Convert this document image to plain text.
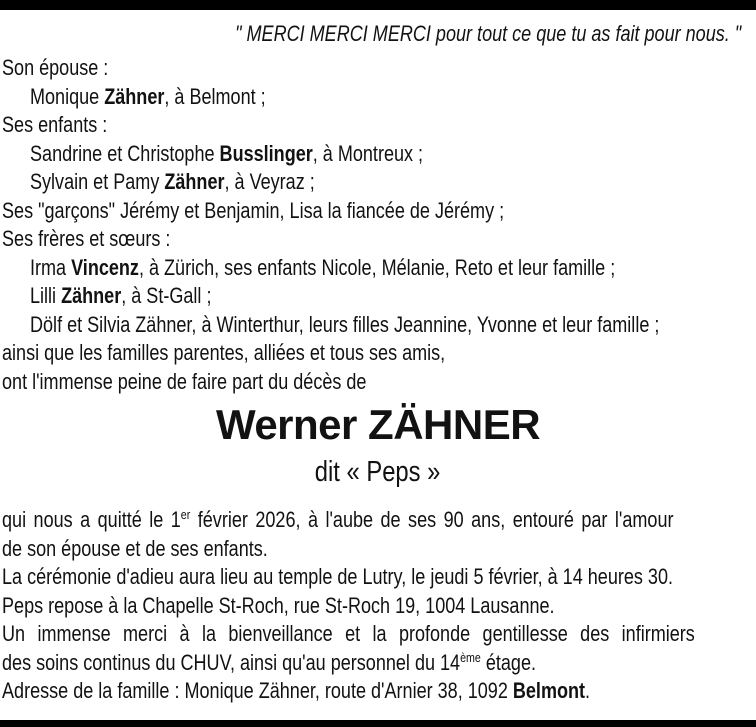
" MERCI MERCI MERCI pour tout ce que tu as fait pour nous. "
Son épouse :
Monique Zähner, à Belmont ;
Ses enfants :
Sandrine et Christophe Busslinger, à Montreux ;
Sylvain et Pamy Zähner, à Veyraz ;
Ses "garçons" Jérémy et Benjamin, Lisa la fiancée de Jérémy ;
Ses frères et sœurs :
Irma Vincenz, à Zürich, ses enfants Nicole, Mélanie, Reto et leur famille ;
Lilli Zähner, à St-Gall ;
Dölf et Silvia Zähner, à Winterthur, leurs filles Jeannine, Yvonne et leur famille ;
ainsi que les familles parentes, alliées et tous ses amis,
ont l'immense peine de faire part du décès de
Werner ZÄHNER
dit « Peps »
qui nous a quitté le 1er février 2026, à l'aube de ses 90 ans, entouré par l'amour
de son épouse et de ses enfants.
La cérémonie d'adieu aura lieu au temple de Lutry, le jeudi 5 février, à 14 heures 30.
Peps repose à la Chapelle St-Roch, rue St-Roch 19, 1004 Lausanne.
Un immense merci à la bienveillance et la profonde gentillesse des infirmiers
des soins continus du CHUV, ainsi qu'au personnel du 14ème étage.
Adresse de la famille : Monique Zähner, route d'Arnier 38, 1092 Belmont.
